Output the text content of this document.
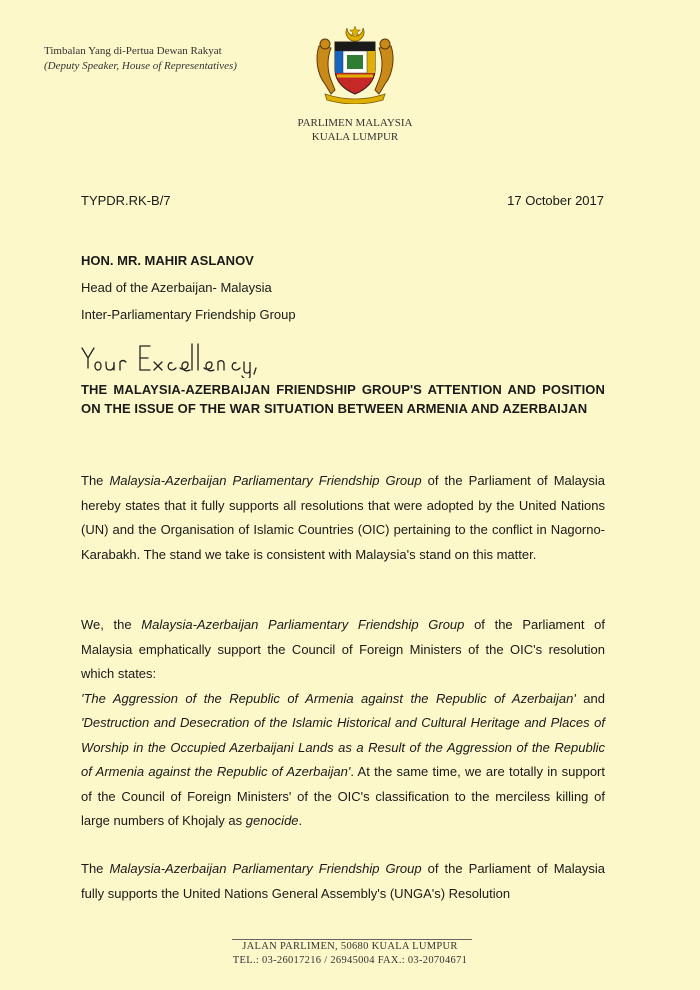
Timbalan Yang di-Pertua Dewan Rakyat
(Deputy Speaker, House of Representatives)
PARLIMEN MALAYSIA
KUALA LUMPUR
TYPDR.RK-B/7	17 October 2017
HON. MR. MAHIR ASLANOV
Head of the Azerbaijan- Malaysia
Inter-Parliamentary Friendship Group
THE MALAYSIA-AZERBAIJAN FRIENDSHIP GROUP'S ATTENTION AND POSITION ON THE ISSUE OF THE WAR SITUATION BETWEEN ARMENIA AND AZERBAIJAN
The Malaysia-Azerbaijan Parliamentary Friendship Group of the Parliament of Malaysia hereby states that it fully supports all resolutions that were adopted by the United Nations (UN) and the Organisation of Islamic Countries (OIC) pertaining to the conflict in Nagorno-Karabakh. The stand we take is consistent with Malaysia's stand on this matter.
We, the Malaysia-Azerbaijan Parliamentary Friendship Group of the Parliament of Malaysia emphatically support the Council of Foreign Ministers of the OIC's resolution which states:
'The Aggression of the Republic of Armenia against the Republic of Azerbaijan' and 'Destruction and Desecration of the Islamic Historical and Cultural Heritage and Places of Worship in the Occupied Azerbaijani Lands as a Result of the Aggression of the Republic of Armenia against the Republic of Azerbaijan'. At the same time, we are totally in support of the Council of Foreign Ministers' of the OIC's classification to the merciless killing of large numbers of Khojaly as genocide.
The Malaysia-Azerbaijan Parliamentary Friendship Group of the Parliament of Malaysia fully supports the United Nations General Assembly's (UNGA's) Resolution
JALAN PARLIMEN, 50680 KUALA LUMPUR
TEL.: 03-26017216 / 26945004 FAX.: 03-20704671
